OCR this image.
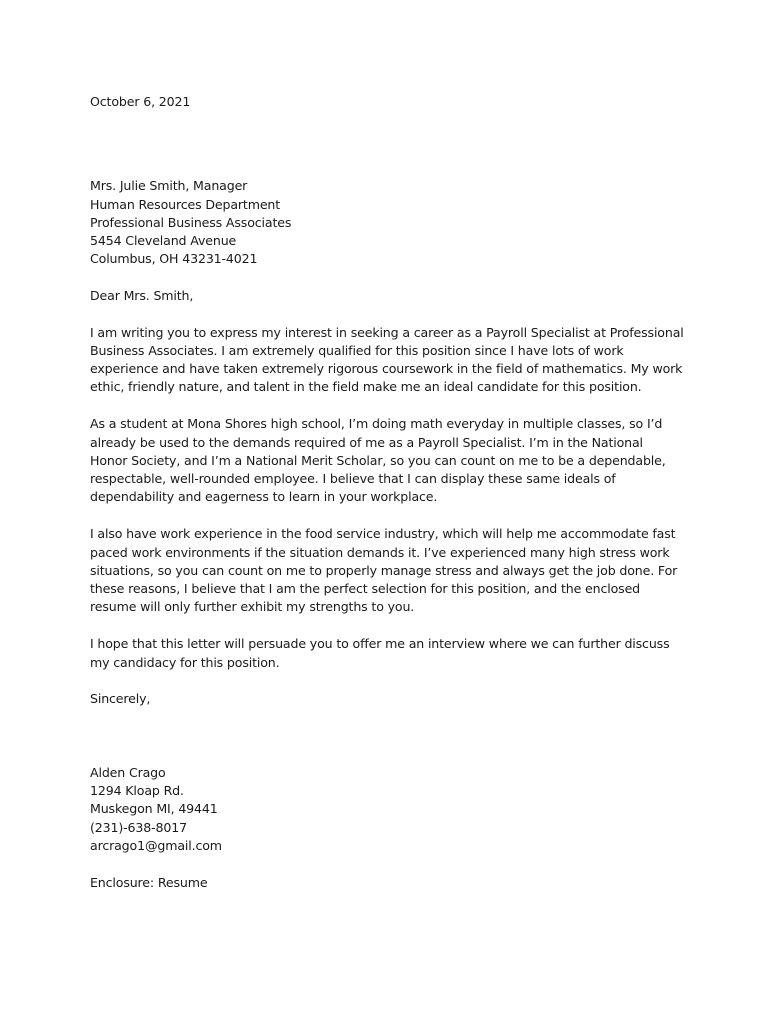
October 6, 2021

Mrs. Julie Smith, Manager
Human Resources Department
Professional Business Associates
5454 Cleveland Avenue
Columbus, OH 43231-4021

Dear Mrs. Smith,

I am writing you to express my interest in seeking a career as a Payroll Specialist at Professional
Business Associates. I am extremely qualified for this position since I have lots of work
experience and have taken extremely rigorous coursework in the field of mathematics. My work
ethic, friendly nature, and talent in the field make me an ideal candidate for this position.
As a student at Mona Shores high school, I’m doing math everyday in multiple classes, so I’d
already be used to the demands required of me as a Payroll Specialist. I’m in the National
Honor Society, and I’m a National Merit Scholar, so you can count on me to be a dependable,
respectable, well-rounded employee. I believe that I can display these same ideals of
dependability and eagerness to learn in your workplace.
I also have work experience in the food service industry, which will help me accommodate fast
paced work environments if the situation demands it. I’ve experienced many high stress work
situations, so you can count on me to properly manage stress and always get the job done. For
these reasons, I believe that I am the perfect selection for this position, and the enclosed
resume will only further exhibit my strengths to you.
I hope that this letter will persuade you to offer me an interview where we can further discuss
my candidacy for this position.

Sincerely,

Alden Crago
1294 Kloap Rd.
Muskegon MI, 49441
(231)-638-8017
arcrago1@gmail.com

Enclosure: Resume
